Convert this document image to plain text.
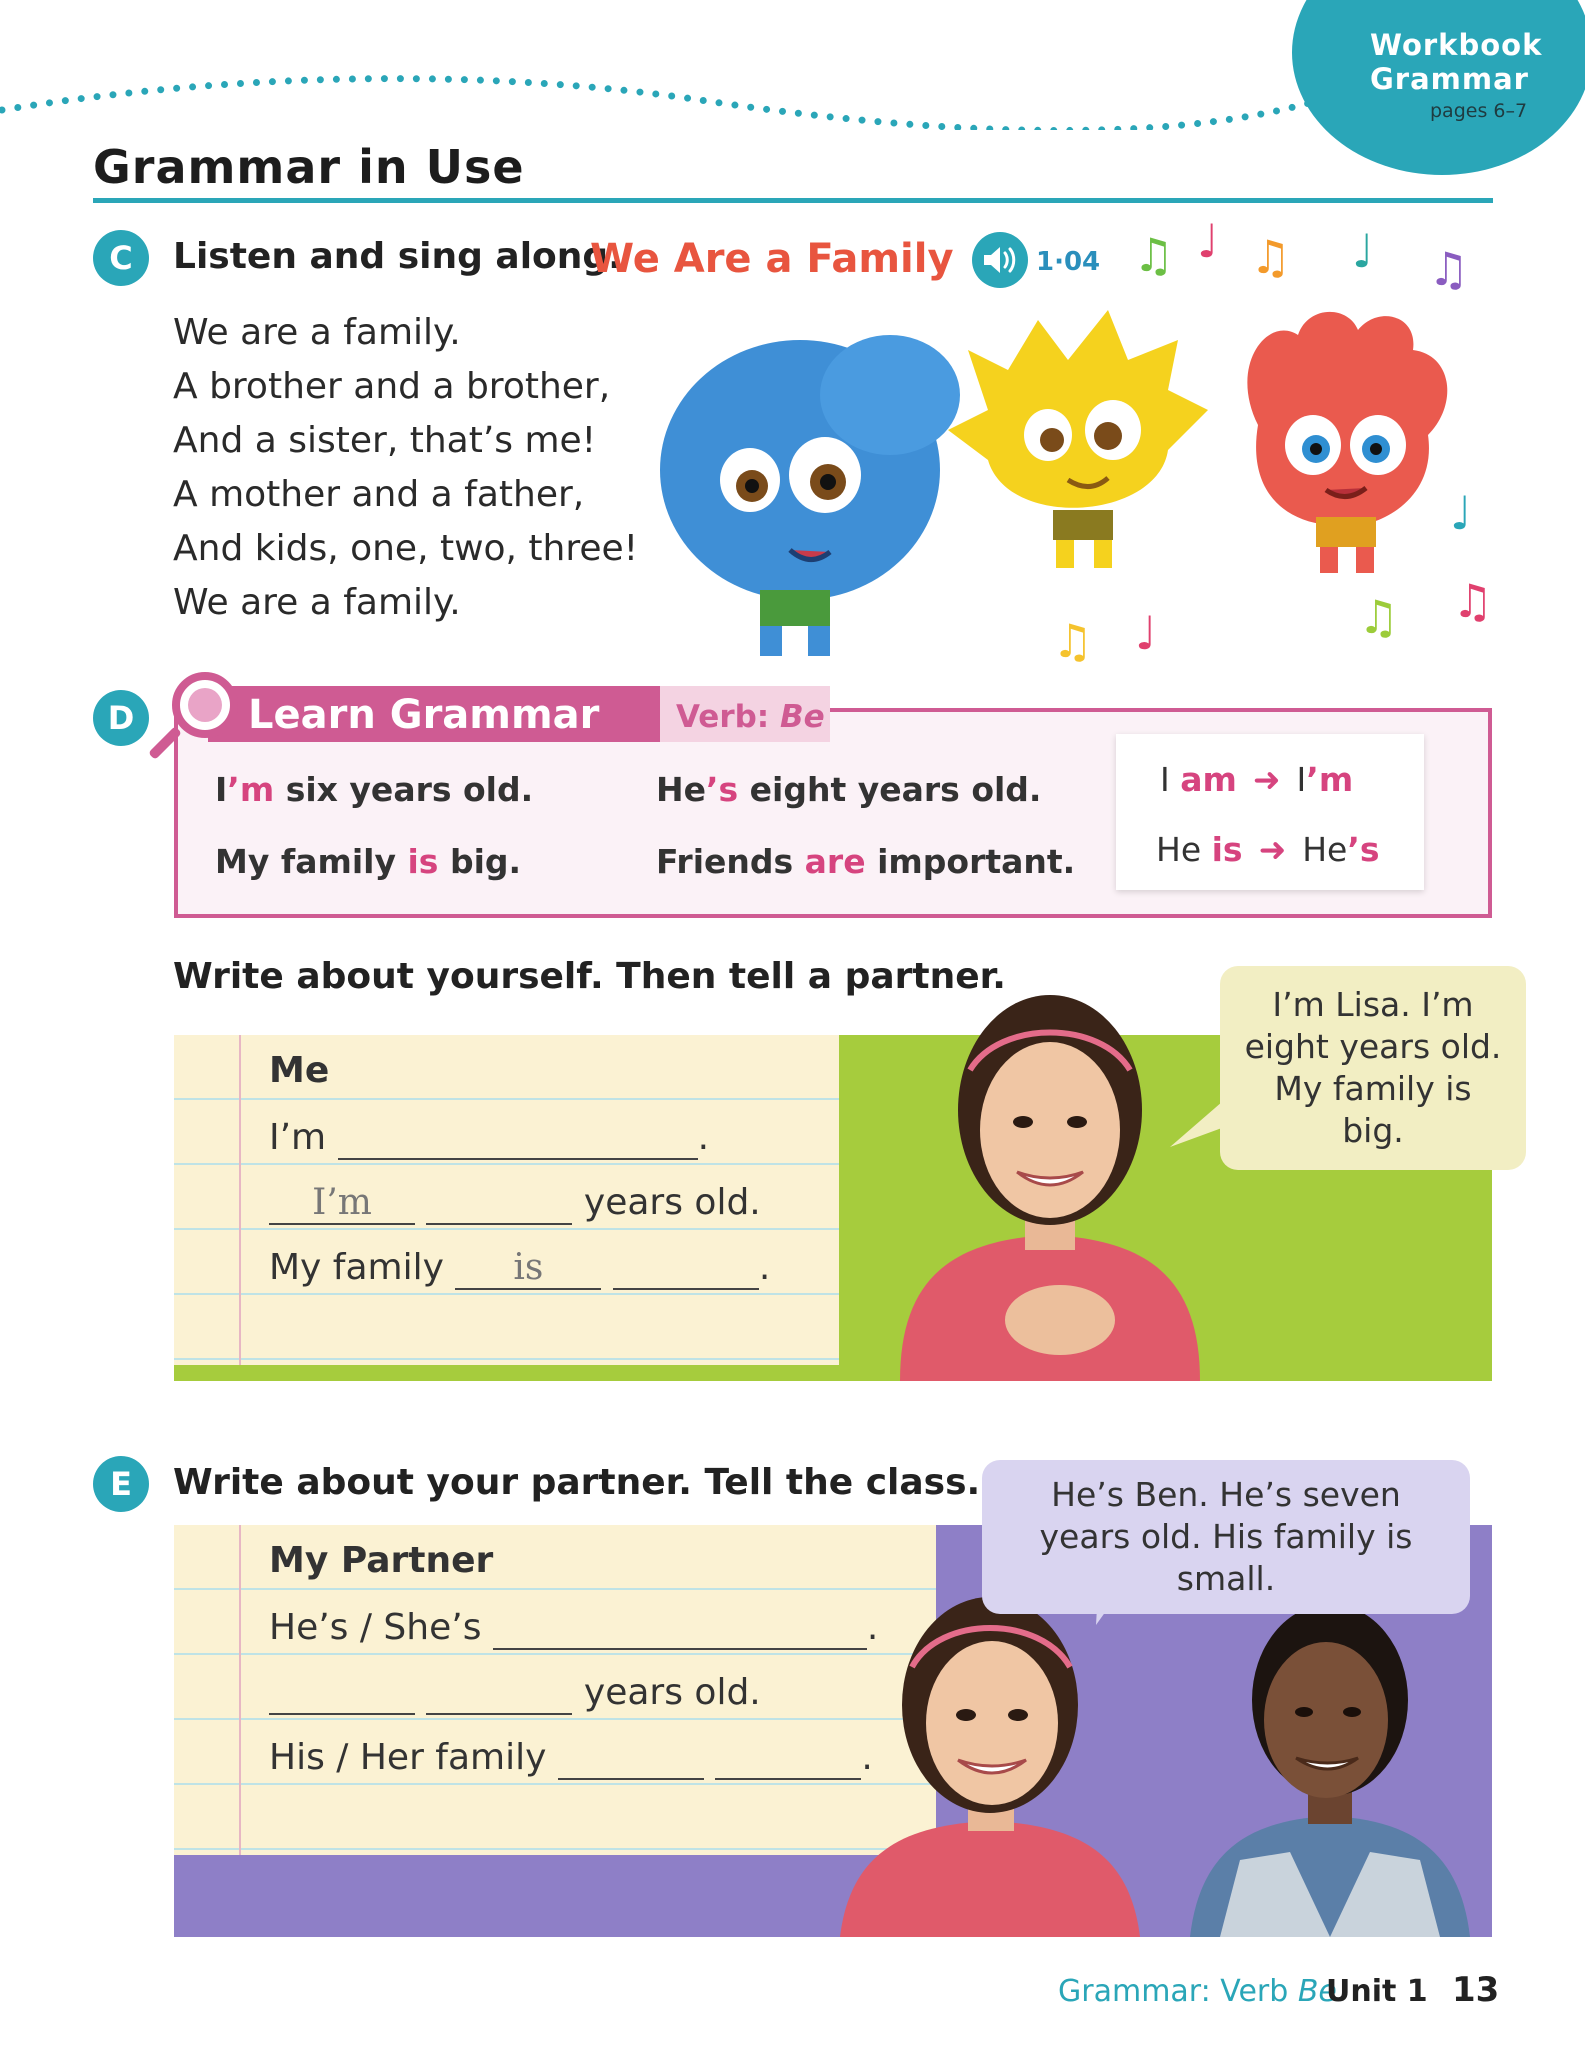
Workbook
Grammar
pages 6–7
Grammar in Use
C	Listen and sing along.
We Are a Family	1·04 ♫ ♩ ♫ ♩ ♫
♩
♫
♫
♫ ♩
We are a family.
A brother and a brother,
And a sister, that’s me!
A mother and a father,
And kids, one, two, three!
We are a family.
D	Learn Grammar	Verb: Be
I’m six years old.	He’s eight years old.
My family is big.	Friends are important.
I am ➜ I’m
He is ➜ He’s
Write about yourself. Then tell a partner.
Me
I’m	.
I’m	years old.
My family is	.
I’m Lisa. I’m eight years old. My family is big.
E	Write about your partner. Tell the class.
My Partner
He’s / She’s	.
years old.
His / Her family	.
He’s Ben. He’s seven years old. His family is small.
Grammar: Verb Be
Unit 1 13
